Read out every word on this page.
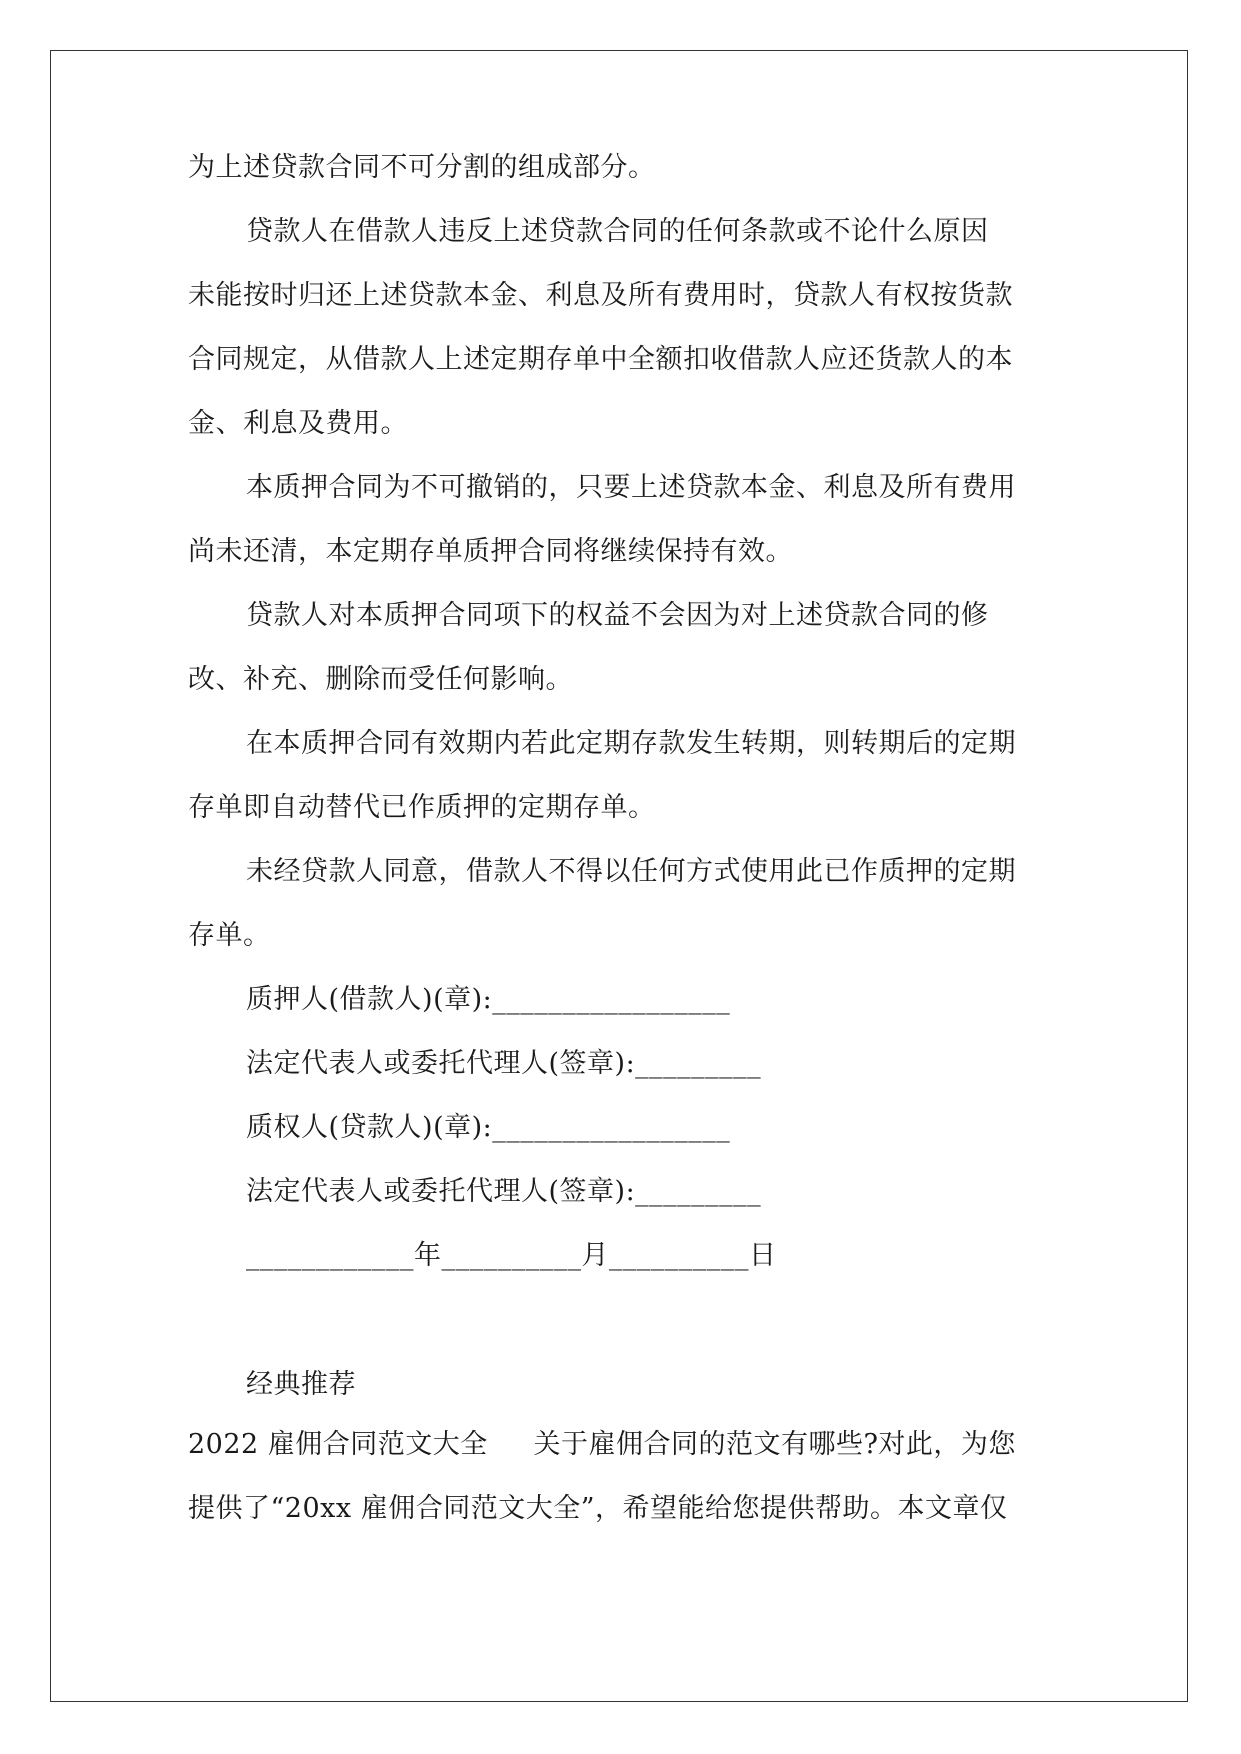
为上述贷款合同不可分割的组成部分。
贷款人在借款人违反上述贷款合同的任何条款或不论什么原因
未能按时归还上述贷款本金、利息及所有费用时，贷款人有权按货款
合同规定，从借款人上述定期存单中全额扣收借款人应还货款人的本
金、利息及费用。
本质押合同为不可撤销的，只要上述贷款本金、利息及所有费用
尚未还清，本定期存单质押合同将继续保持有效。
贷款人对本质押合同项下的权益不会因为对上述贷款合同的修
改、补充、删除而受任何影响。
在本质押合同有效期内若此定期存款发生转期，则转期后的定期
存单即自动替代已作质押的定期存单。
未经贷款人同意，借款人不得以任何方式使用此已作质押的定期
存单。
质押人(借款人)(章):_________________
法定代表人或委托代理人(签章):_________
质权人(贷款人)(章):_________________
法定代表人或委托代理人(签章):_________
____________年__________月__________日
经典推荐
2022 雇佣合同范文大全 　 关于雇佣合同的范文有哪些?对此，为您
提供了“20xx 雇佣合同范文大全”，希望能给您提供帮助。本文章仅
